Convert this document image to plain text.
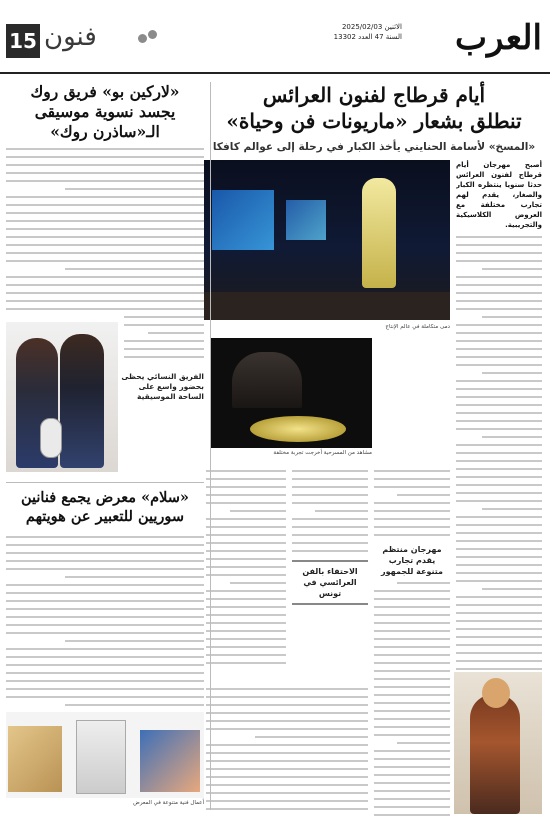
العرب
الاثنين 2025/02/03
السنة 47 العدد 13302
فنون
15
أيام قرطاج لفنون العرائس
تنطلق بشعار «ماريونات فن وحياة»
«المسخ» لأسامة الحنايني يأخذ الكبار في رحلة إلى عوالم كافكا
أصبح مهرجان أيام قرطاج لفنون العرائس حدثا سنويا ينتظره الكبار والصغار، يقدم لهم تجارب مختلفة مع العروض الكلاسيكية والتجريبية.
دمى متكاملة في عالم الإنتاج
مشاهد من المسرحية أخرجت تجربة مختلفة
الاحتفاء بالفن العرائسي في تونس
مهرجان منتظم يقدم تجارب متنوعة للجمهور
«لاركين بو» فريق روك
يجسد نسوية موسيقى
الـ«ساذرن روك»
الفريق النسائي يحظى بحضور واسع على الساحة الموسيقية
«سلام» معرض يجمع فنانين
سوريين للتعبير عن هويتهم
أعمال فنية متنوعة في المعرض
